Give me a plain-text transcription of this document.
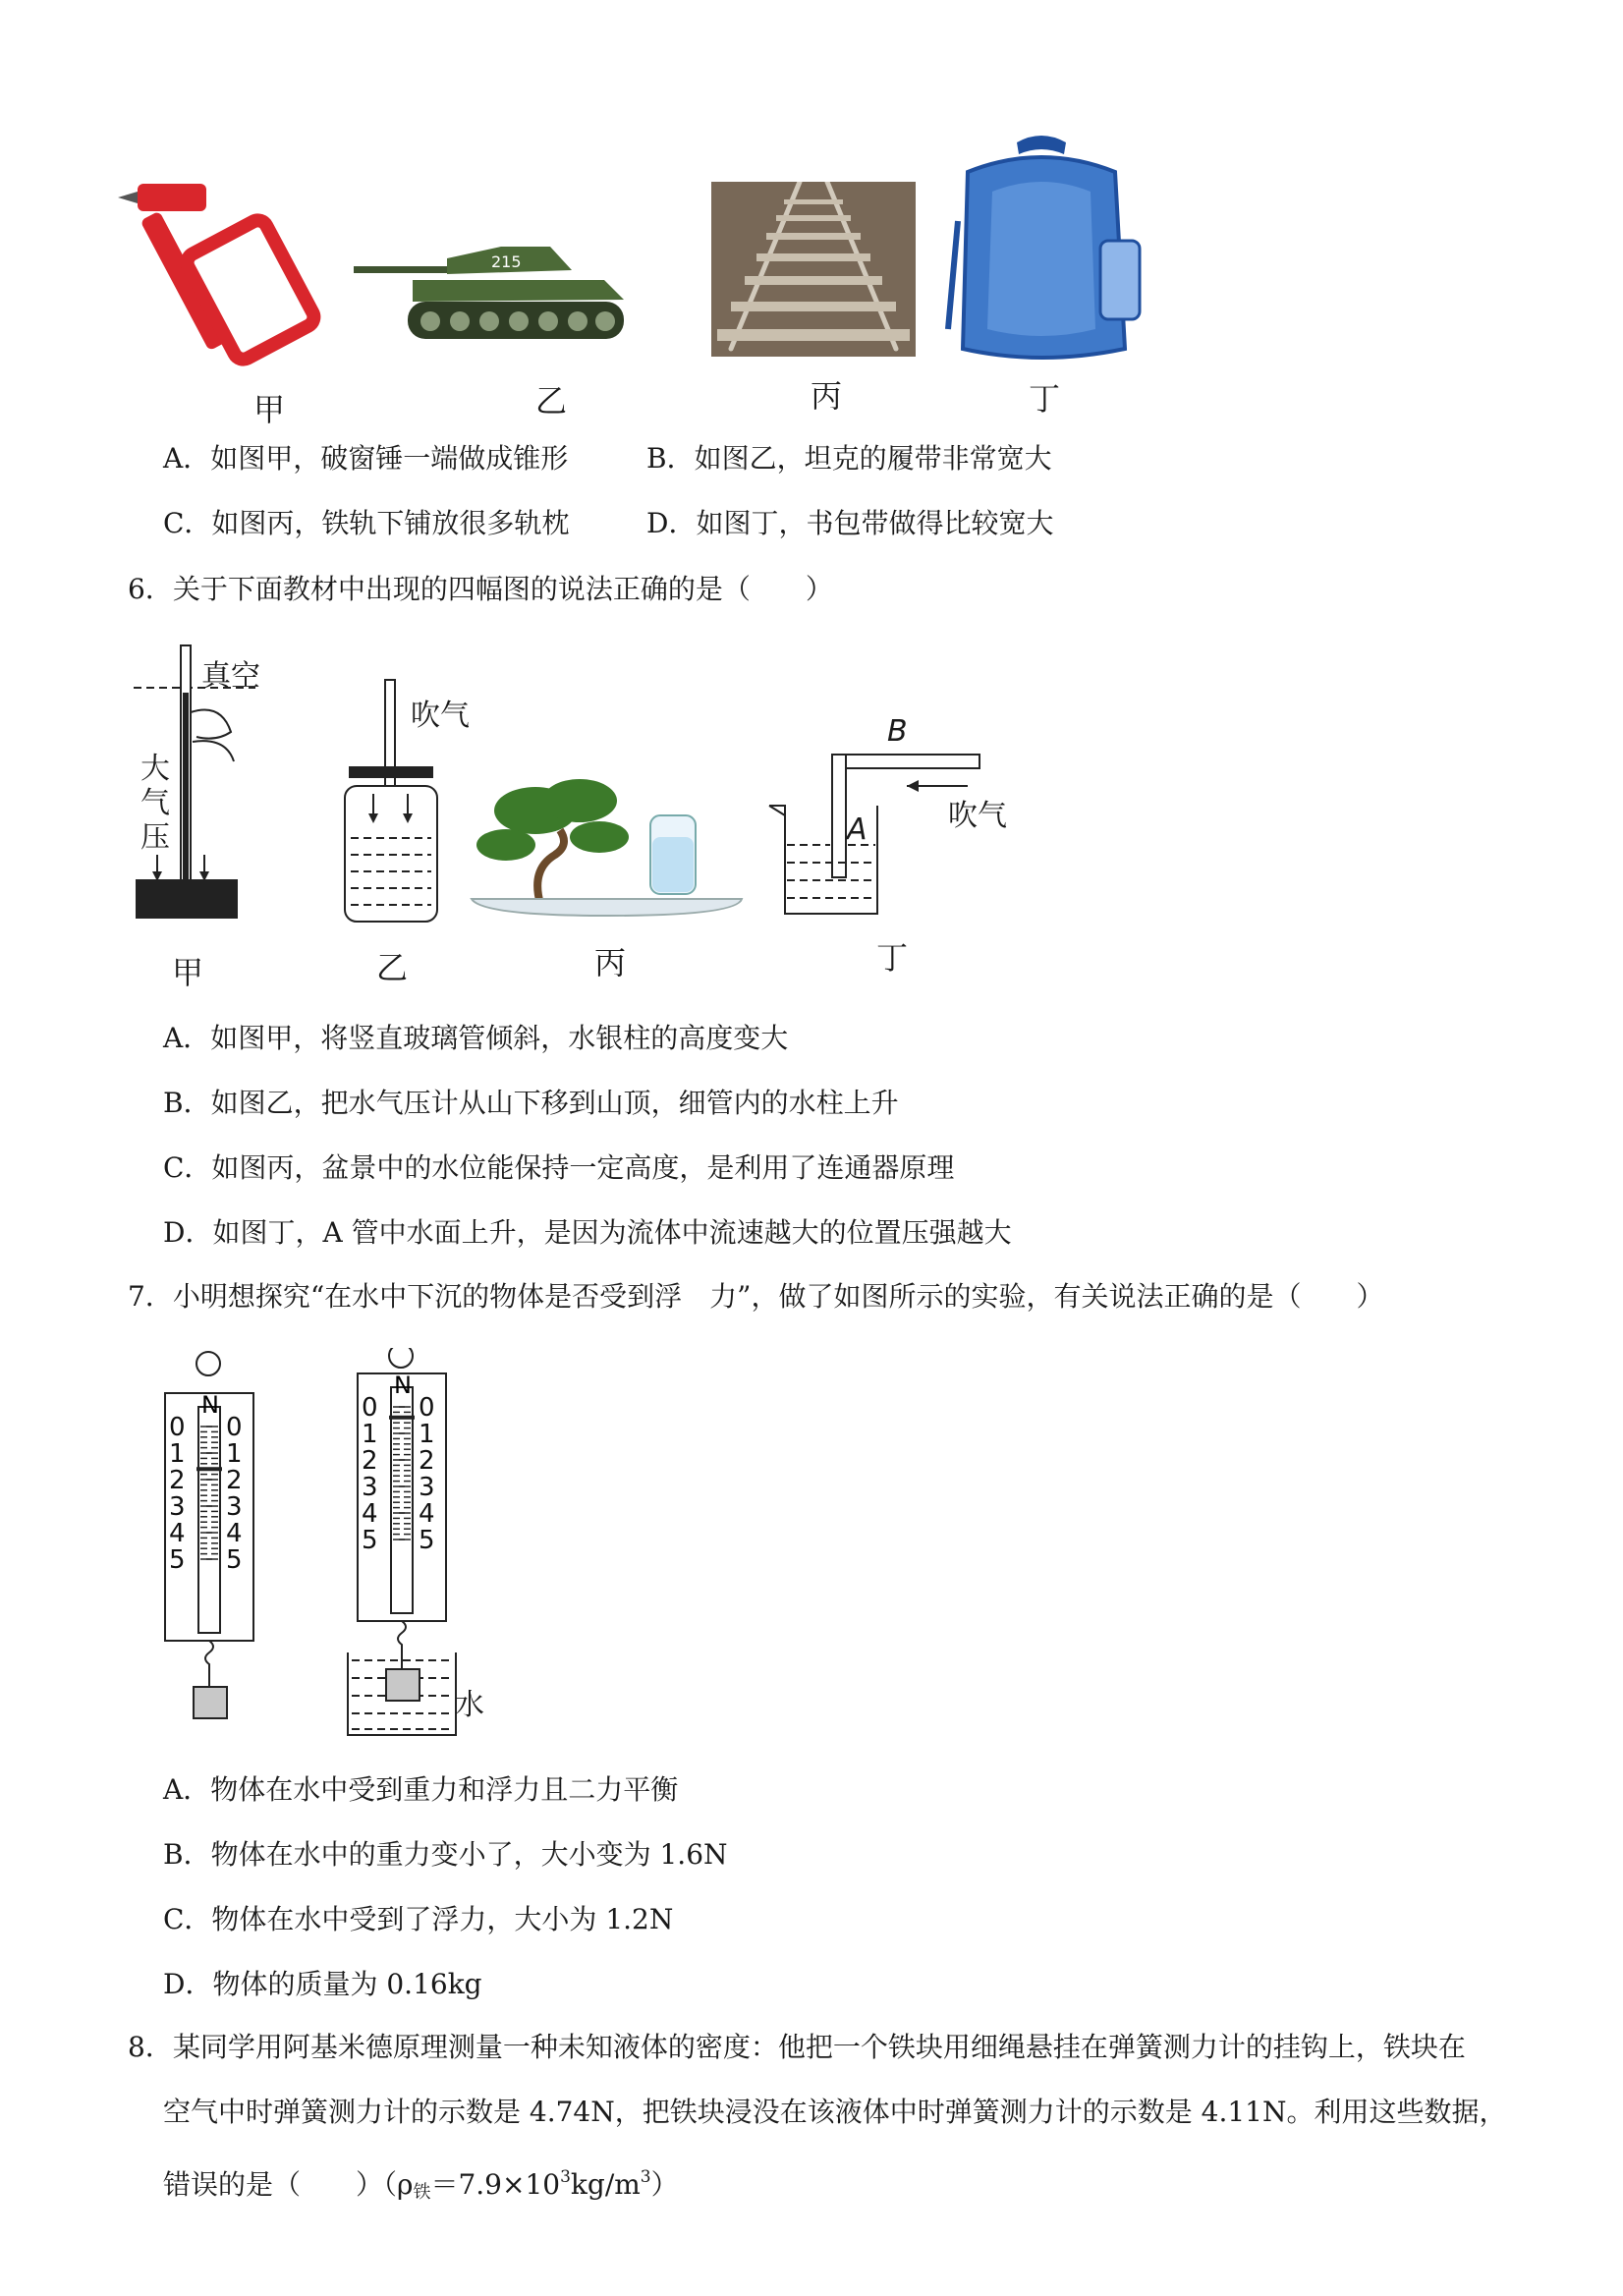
甲
215
乙	丙	丁
A．如图甲，破窗锤一端做成锥形	B．如图乙，坦克的履带非常宽大
C．如图丙，铁轨下铺放很多轨枕	D．如图丁，书包带做得比较宽大
6．关于下面教材中出现的四幅图的说法正确的是（　　）
真空
大
气
压
甲
吹气
乙	丙
B
A	吹气
丁
A．如图甲，将竖直玻璃管倾斜，水银柱的高度变大
B．如图乙，把水气压计从山下移到山顶，细管内的水柱上升
C．如图丙，盆景中的水位能保持一定高度，是利用了连通器原理
D．如图丁，A 管中水面上升，是因为流体中流速越大的位置压强越大
7．小明想探究“在水中下沉的物体是否受到浮　力”，做了如图所示的实验，有关说法正确的是（　　）
0 0
1 1
2 2
3 3
4 4
5 5
N	0 0
1 1
2 2
3 3
4 4
5 5
N
水
A．物体在水中受到重力和浮力且二力平衡
B．物体在水中的重力变小了，大小变为 1.6N
C．物体在水中受到了浮力，大小为 1.2N
D．物体的质量为 0.16kg
8．某同学用阿基米德原理测量一种未知液体的密度：他把一个铁块用细绳悬挂在弹簧测力计的挂钩上，铁块在
空气中时弹簧测力计的示数是 4.74N，把铁块浸没在该液体中时弹簧测力计的示数是 4.11N。利用这些数据，
错误的是（　　）$(\rho_铁=7.9\times 10^3kg/m^3)$
